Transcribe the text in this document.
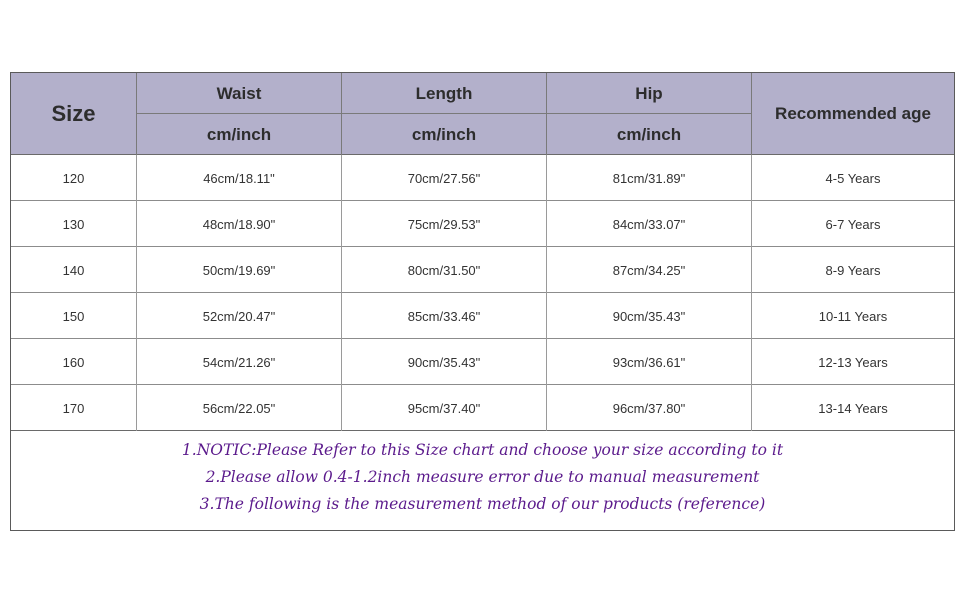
Size
Waist	Length	Hip
cm/inch	cm/inch	cm/inch
Recommended age
120	46cm/18.11"	70cm/27.56"	81cm/31.89"	4-5 Years
130	48cm/18.90"	75cm/29.53"	84cm/33.07"	6-7 Years
140	50cm/19.69"	80cm/31.50"	87cm/34.25"	8-9 Years
150	52cm/20.47"	85cm/33.46"	90cm/35.43"	10-11 Years
160	54cm/21.26"	90cm/35.43"	93cm/36.61"	12-13 Years
170	56cm/22.05"	95cm/37.40"	96cm/37.80"	13-14 Years
1.NOTIC:Please Refer to this Size chart and choose your size according to it
2.Please allow 0.4-1.2inch measure error due to manual measurement
3.The following is the measurement method of our products (reference)
